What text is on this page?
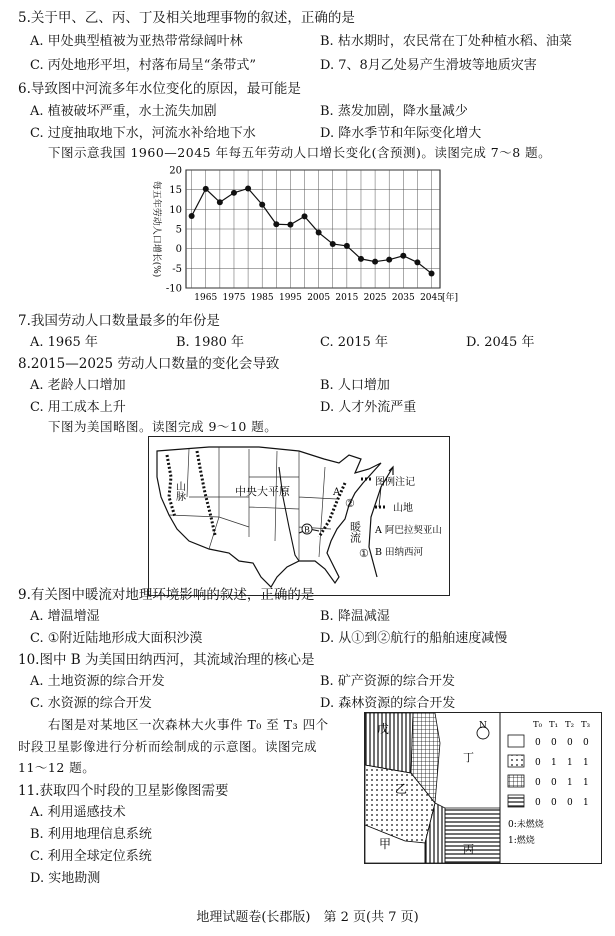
5.关于甲、乙、丙、丁及相关地理事物的叙述，正确的是
A. 甲处典型植被为亚热带常绿阔叶林	B. 枯水期时，农民常在丁处种植水稻、油菜
C. 丙处地形平坦，村落布局呈“条带式”	D. 7、8月乙处易产生滑坡等地质灾害
6.导致图中河流多年水位变化的原因，最可能是
A. 植被破坏严重，水土流失加剧	B. 蒸发加剧，降水量减少
C. 过度抽取地下水，河流水补给地下水	D. 降水季节和年际变化增大
下图示意我国 1960—2045 年每五年劳动人口增长变化(含预测)。读图完成 7～8 题。
20
15
10
5
0
-5
-10
1965 1975 1985 1995 2005 2015 2025 2035 2045 [年]
每五年劳动人口增长(%)
7.我国劳动人口数量最多的年份是
A. 1965 年	B. 1980 年	C. 2015 年	D. 2045 年
8.2015—2025 劳动人口数量的变化会导致
A. 老龄人口增加	B. 人口增加
C. 用工成本上升	D. 人才外流严重
下图为美国略图。读图完成 9～10 题。
B
中央大平原
山脉	A
②
①
暖流
图例注记
山地
A 阿巴拉契亚山
B 田纳西河
9.有关图中暖流对地理环境影响的叙述，正确的是
A. 增温增湿	B. 降温减湿
C. ①附近陆地形成大面积沙漠	D. 从①到②航行的船舶速度减慢
10.图中 B 为美国田纳西河，其流域治理的核心是
A. 土地资源的综合开发	B. 矿产资源的综合开发
C. 水资源的综合开发	D. 森林资源的综合开发
右图是对某地区一次森林大火事件 T₀ 至 T₃ 四个
时段卫星影像进行分析而绘制成的示意图。读图完成
11～12 题。
11.获取四个时段的卫星影像图需要
A. 利用遥感技术
B. 利用地理信息系统
C. 利用全球定位系统
D. 实地勘测
N
戊
乙
甲	丙
丁
T₀ T₁ T₂ T₃
0 0 0 0
0 1 1 1
0 0 1 1
0 0 0 1
0:未燃烧
1:燃烧
地理试题卷(长郡版)　第 2 页(共 7 页)
